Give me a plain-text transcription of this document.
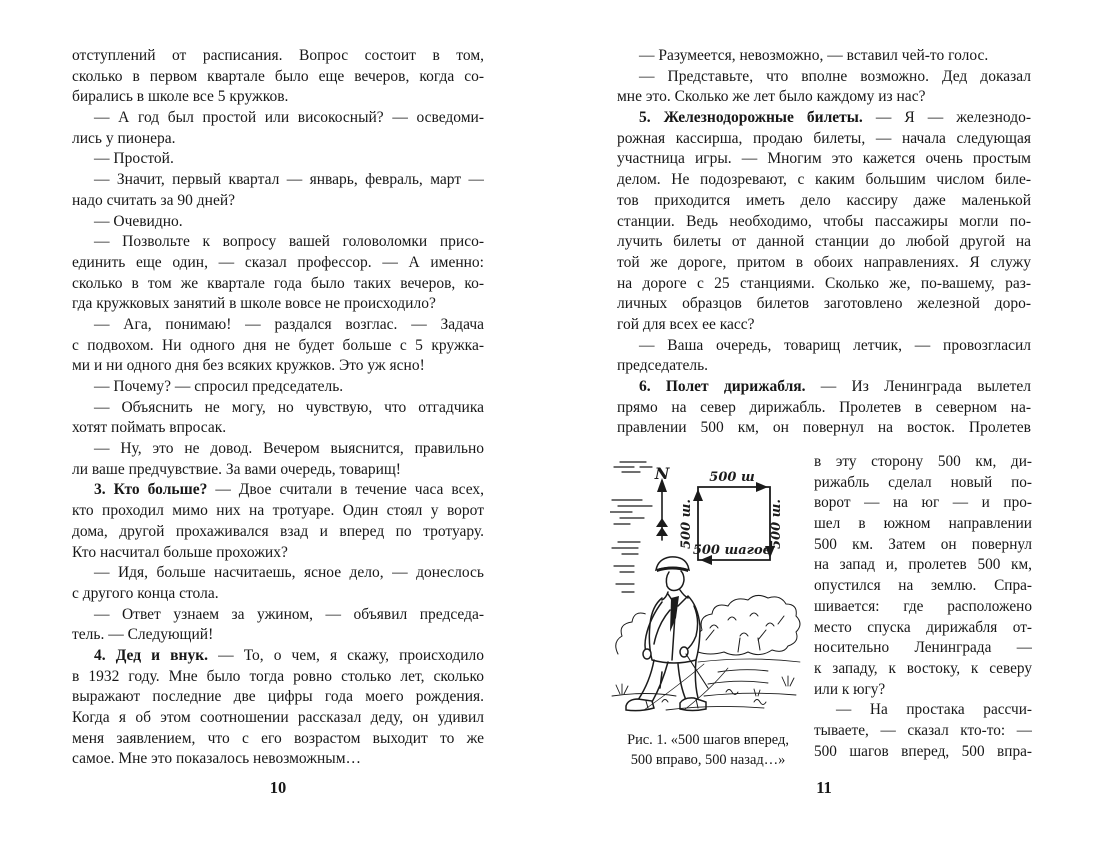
отступлений от расписания. Вопрос состоит в том,
сколько в первом квартале было еще вечеров, когда со-
бирались в школе все 5 кружков.
— А год был простой или високосный? — осведоми-
лись у пионера.
— Простой.
— Значит, первый квартал — январь, февраль, март —
надо считать за 90 дней?
— Очевидно.
— Позвольте к вопросу вашей головоломки присо-
единить еще один, — сказал профессор. — А именно:
сколько в том же квартале года было таких вечеров, ко-
гда кружковых занятий в школе вовсе не происходило?
— Ага, понимаю! — раздался возглас. — Задача
с подвохом. Ни одного дня не будет больше с 5 кружка-
ми и ни одного дня без всяких кружков. Это уж ясно!
— Почему? — спросил председатель.
— Объяснить не могу, но чувствую, что отгадчика
хотят поймать впросак.
— Ну, это не довод. Вечером выяснится, правильно
ли ваше предчувствие. За вами очередь, товарищ!
3. Кто больше? — Двое считали в течение часа всех,
кто проходил мимо них на тротуаре. Один стоял у ворот
дома, другой прохаживался взад и вперед по тротуару.
Кто насчитал больше прохожих?
— Идя, больше насчитаешь, ясное дело, — донеслось
с другого конца стола.
— Ответ узнаем за ужином, — объявил председа-
тель. — Следующий!
4. Дед и внук. — То, о чем, я скажу, происходило
в 1932 году. Мне было тогда ровно столько лет, сколько
выражают последние две цифры года моего рождения.
Когда я об этом соотношении рассказал деду, он удивил
меня заявлением, что с его возрастом выходит то же
самое. Мне это показалось невозможным…
10
— Разумеется, невозможно, — вставил чей-то голос.
— Представьте, что вполне возможно. Дед доказал
мне это. Сколько же лет было каждому из нас?
5. Железнодорожные билеты. — Я — железнодо-
рожная кассирша, продаю билеты, — начала следующая
участница игры. — Многим это кажется очень простым
делом. Не подозревают, с каким большим числом биле-
тов приходится иметь дело кассиру даже маленькой
станции. Ведь необходимо, чтобы пассажиры могли по-
лучить билеты от данной станции до любой другой на
той же дороге, притом в обоих направлениях. Я служу
на дороге с 25 станциями. Сколько же, по-вашему, раз-
личных образцов билетов заготовлено железной доро-
гой для всех ее касс?
— Ваша очередь, товарищ летчик, — провозгласил
председатель.
6. Полет дирижабля. — Из Ленинграда вылетел
прямо на север дирижабль. Пролетев в северном на-
правлении 500 км, он повернул на восток. Пролетев
N	500 ш
500 ш.	500 ш.
500 шагов
Рис. 1. «500 шагов вперед,
500 вправо, 500 назад…»
в эту сторону 500 км, ди-
рижабль сделал новый по-
ворот — на юг — и про-
шел в южном направлении
500 км. Затем он повернул
на запад и, пролетев 500 км,
опустился на землю. Спра-
шивается: где расположено
место спуска дирижабля от-
носительно Ленинграда —
к западу, к востоку, к северу
или к югу?
— На простака рассчи-
тываете, — сказал кто-то: —
500 шагов вперед, 500 впра-
11
